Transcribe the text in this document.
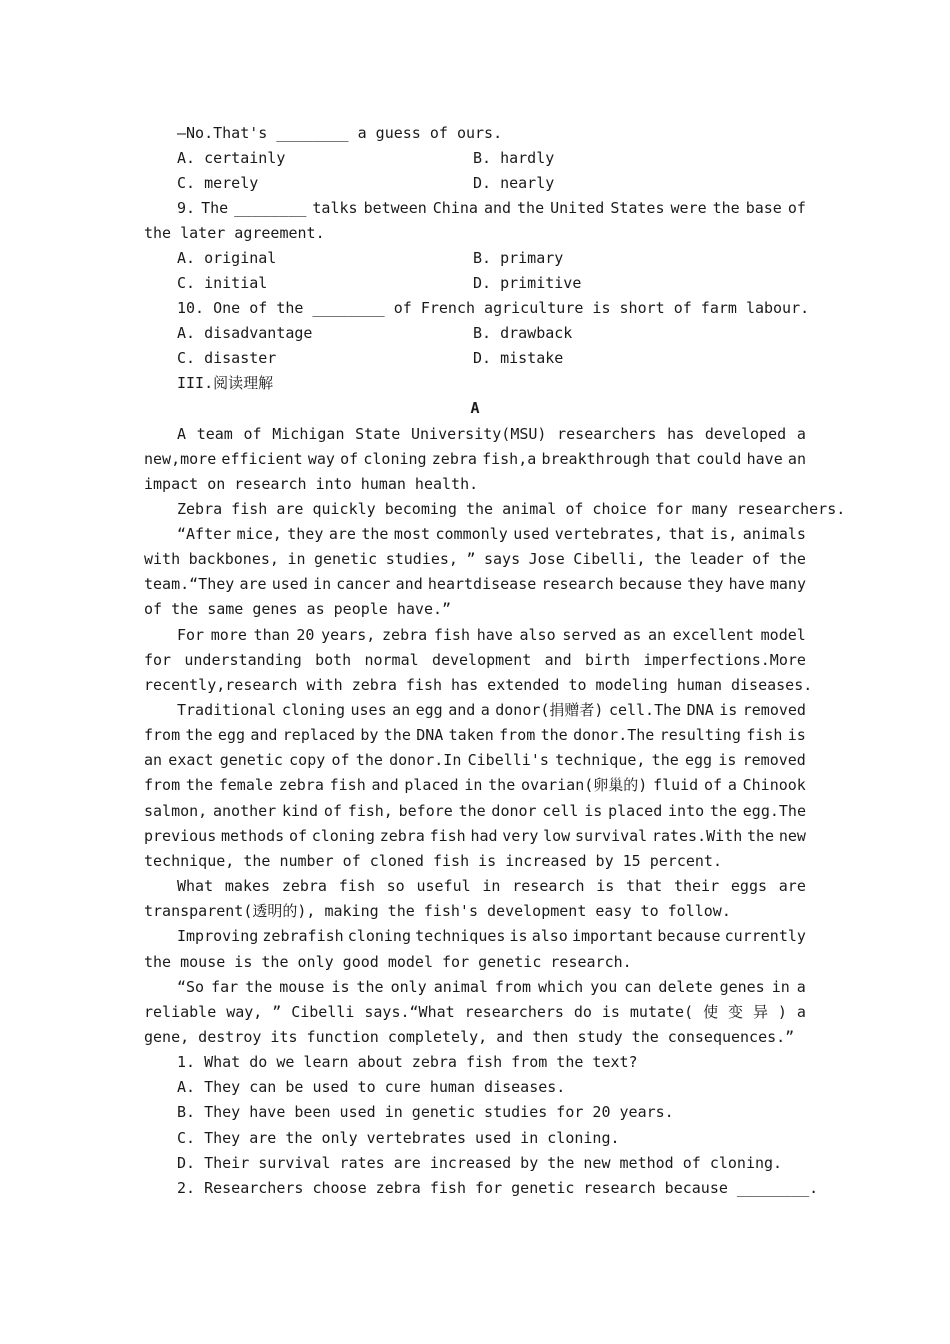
—No.That's ________ a guess of ours.
A. certainly	B. hardly
C. merely	D. nearly
9. The ________ talks between China and the United States were the base of
the later agreement.
A. original	B. primary
C. initial	D. primitive
10. One of the ________ of French agriculture is short of farm labour.
A. disadvantage	B. drawback
C. disaster	D. mistake
III.阅读理解
A
A team of Michigan State University(MSU) researchers has developed a
new,more efficient way of cloning zebra fish,a breakthrough that could have an
impact on research into human health.
Zebra fish are quickly becoming the animal of choice for many researchers.
“After mice, they are the most commonly used vertebrates, that is, animals
with backbones, in genetic studies, ” says Jose Cibelli, the leader of the
team.“They are used in cancer and heartdisease research because they have many
of the same genes as people have.”
For more than 20 years, zebra fish have also served as an excellent model
for understanding both normal development and birth imperfections.More
recently,research with zebra fish has extended to modeling human diseases.
Traditional cloning uses an egg and a donor(捐赠者) cell.The DNA is removed
from the egg and replaced by the DNA taken from the donor.The resulting fish is
an exact genetic copy of the donor.In Cibelli's technique, the egg is removed
from the female zebra fish and placed in the ovarian(卵巢的) fluid of a Chinook
salmon, another kind of fish, before the donor cell is placed into the egg.The
previous methods of cloning zebra fish had very low survival rates.With the new
technique, the number of cloned fish is increased by 15 percent.
What makes zebra fish so useful in research is that their eggs are
transparent(透明的), making the fish's development easy to follow.
Improving zebrafish cloning techniques is also important because currently
the mouse is the only good model for genetic research.
“So far the mouse is the only animal from which you can delete genes in a
reliable way, ” Cibelli says.“What researchers do is mutate( 使 变 异 ) a
gene, destroy its function completely, and then study the consequences.”
1. What do we learn about zebra fish from the text?
A. They can be used to cure human diseases.
B. They have been used in genetic studies for 20 years.
C. They are the only vertebrates used in cloning.
D. Their survival rates are increased by the new method of cloning.
2. Researchers choose zebra fish for genetic research because ________.
